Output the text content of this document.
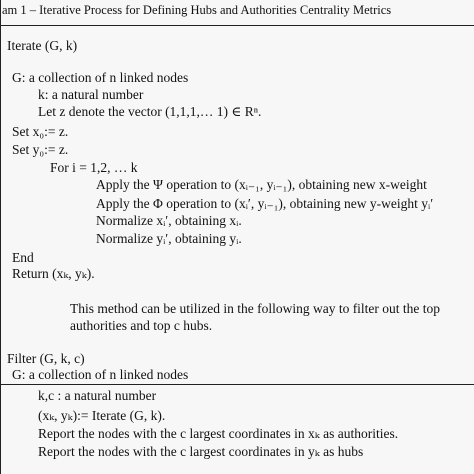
am 1 – Iterative Process for Defining Hubs and Authorities Centrality Metrics
Iterate (G, k)
G: a collection of n linked nodes
k: a natural number
Let z denote the vector (1,1,1,… 1) ∈ Rⁿ.
Set x₀:= z.
Set y₀:= z.
For i = 1,2, … k
Apply the Ψ operation to (xᵢ₋₁, yᵢ₋₁), obtaining new x-weight
Apply the Φ operation to (xᵢ′, yᵢ₋₁), obtaining new y-weight yᵢ′
Normalize xᵢ′, obtaining xᵢ.
Normalize yᵢ′, obtaining yᵢ.
End
Return (xₖ, yₖ).
This method can be utilized in the following way to filter out the top
authorities and top c hubs.
Filter (G, k, c)
G: a collection of n linked nodes
k,c : a natural number
(xₖ, yₖ):= Iterate (G, k).
Report the nodes with the c largest coordinates in xₖ as authorities.
Report the nodes with the c largest coordinates in yₖ as hubs
